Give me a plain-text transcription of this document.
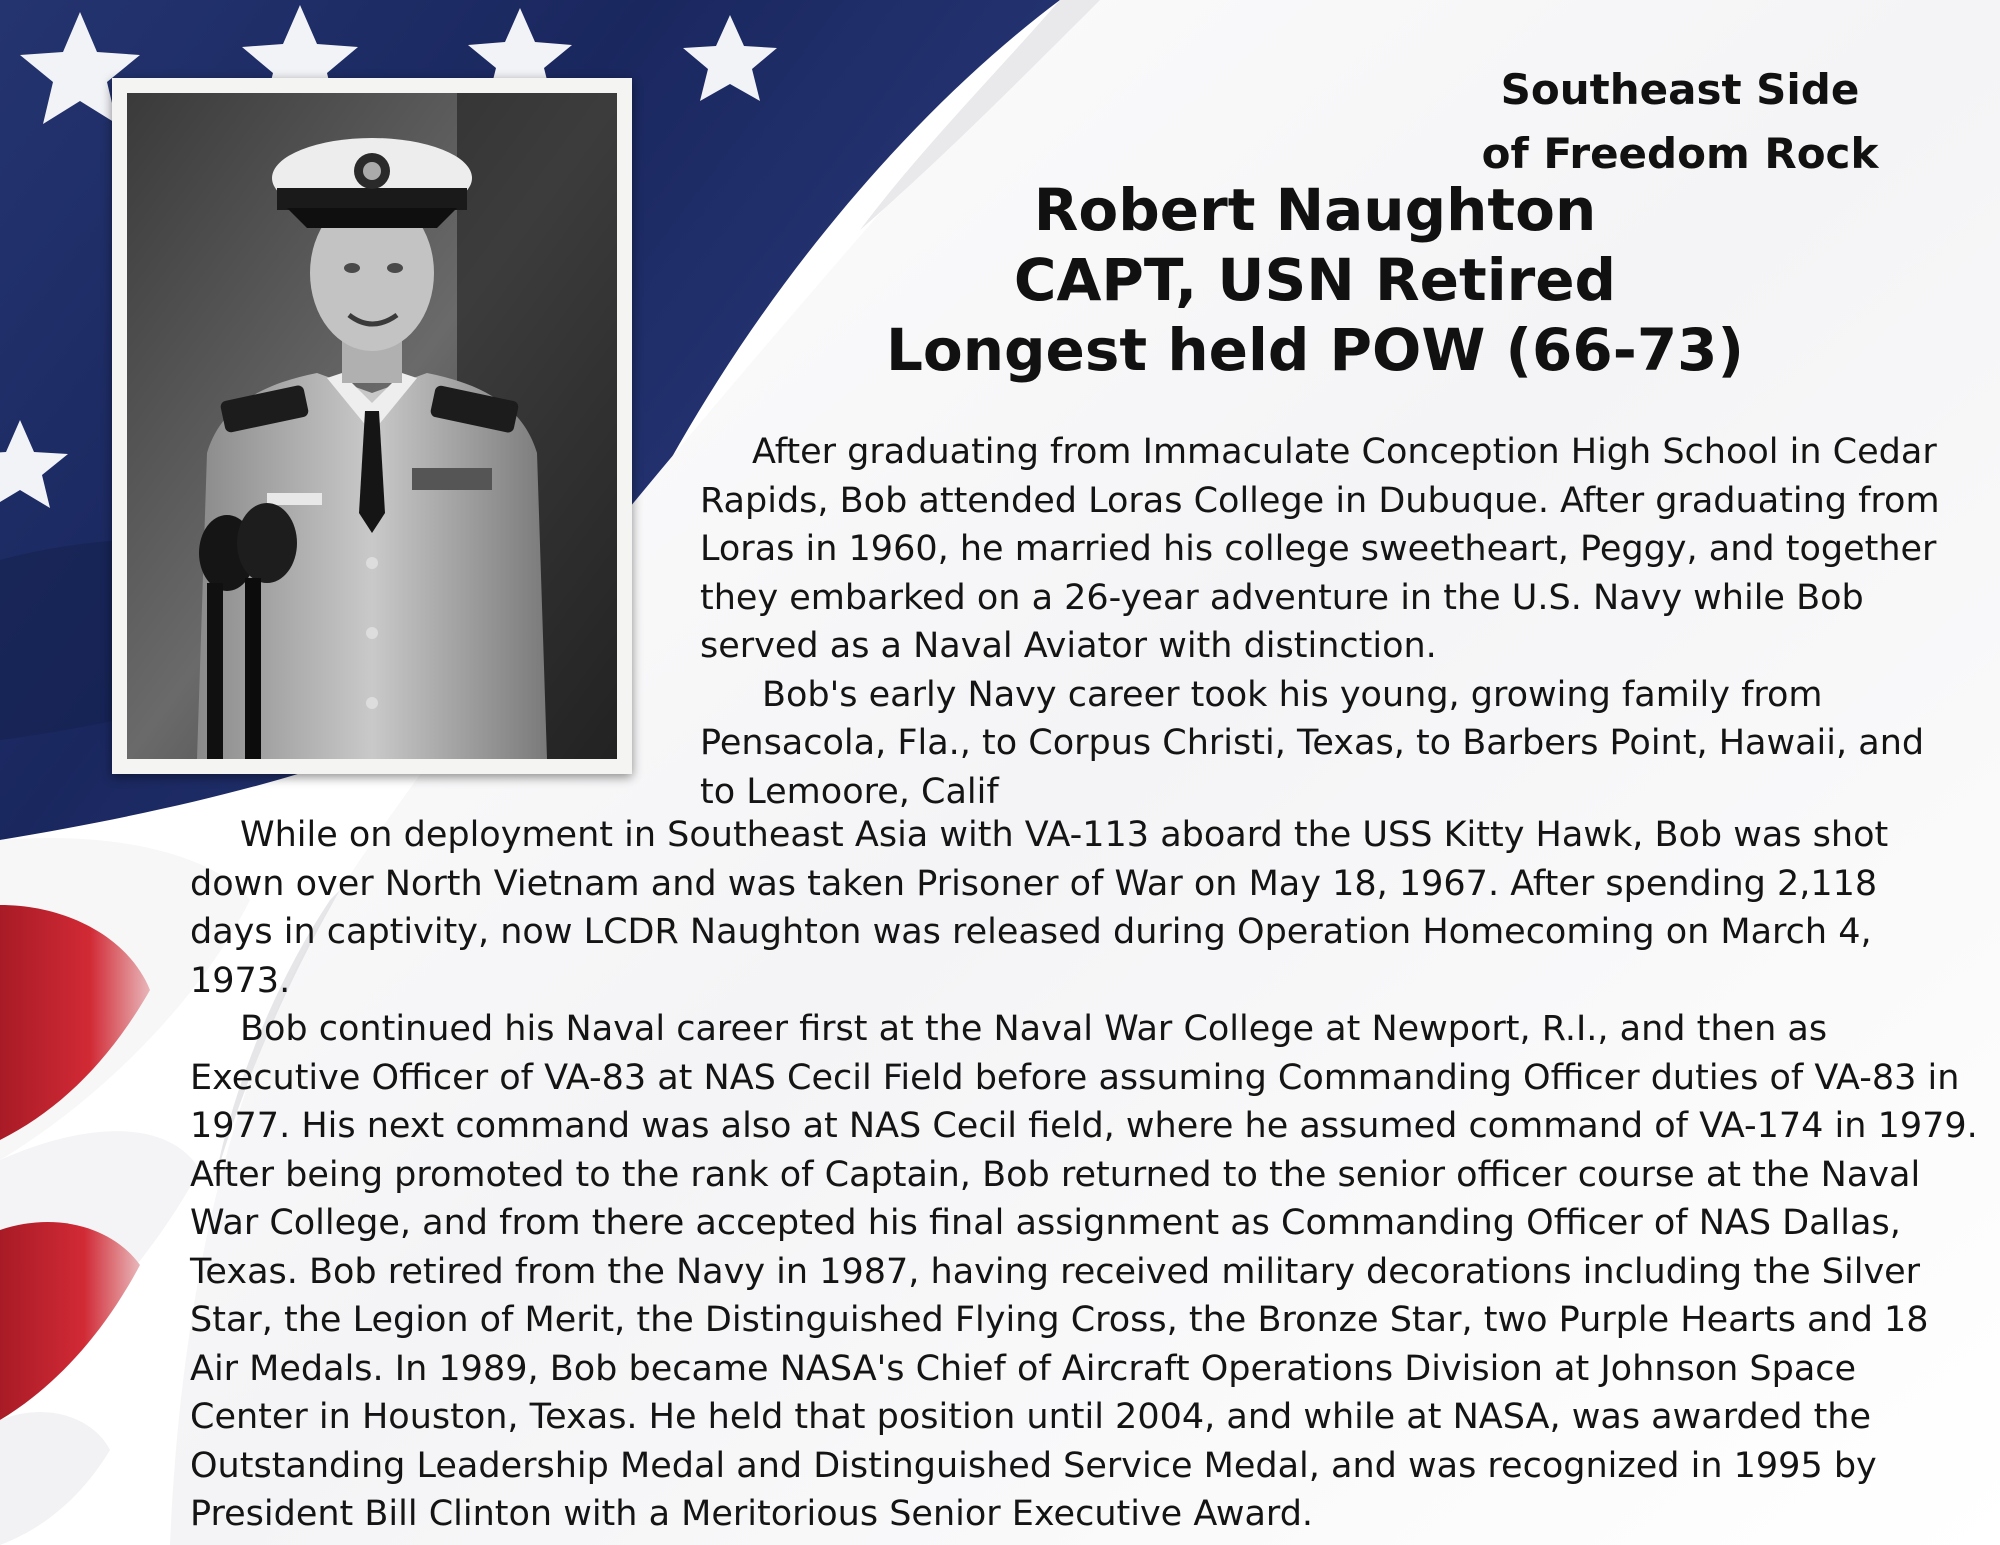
Southeast Side
of Freedom Rock
Robert Naughton
CAPT, USN Retired
Longest held POW (66-73)
After graduating from Immaculate Conception High School in Cedar
Rapids, Bob attended Loras College in Dubuque. After graduating from
Loras in 1960, he married his college sweetheart, Peggy, and together
they embarked on a 26-year adventure in the U.S. Navy while Bob
served as a Naval Aviator with distinction.
Bob's early Navy career took his young, growing family from
Pensacola, Fla., to Corpus Christi, Texas, to Barbers Point, Hawaii, and
to Lemoore, Calif
While on deployment in Southeast Asia with VA-113 aboard the USS Kitty Hawk, Bob was shot
down over North Vietnam and was taken Prisoner of War on May 18, 1967. After spending 2,118
days in captivity, now LCDR Naughton was released during Operation Homecoming on March 4,
1973.
Bob continued his Naval career first at the Naval War College at Newport, R.I., and then as
Executive Officer of VA-83 at NAS Cecil Field before assuming Commanding Officer duties of VA-83 in
1977. His next command was also at NAS Cecil field, where he assumed command of VA-174 in 1979.
After being promoted to the rank of Captain, Bob returned to the senior officer course at the Naval
War College, and from there accepted his final assignment as Commanding Officer of NAS Dallas,
Texas. Bob retired from the Navy in 1987, having received military decorations including the Silver
Star, the Legion of Merit, the Distinguished Flying Cross, the Bronze Star, two Purple Hearts and 18
Air Medals. In 1989, Bob became NASA's Chief of Aircraft Operations Division at Johnson Space
Center in Houston, Texas. He held that position until 2004, and while at NASA, was awarded the
Outstanding Leadership Medal and Distinguished Service Medal, and was recognized in 1995 by
President Bill Clinton with a Meritorious Senior Executive Award.
